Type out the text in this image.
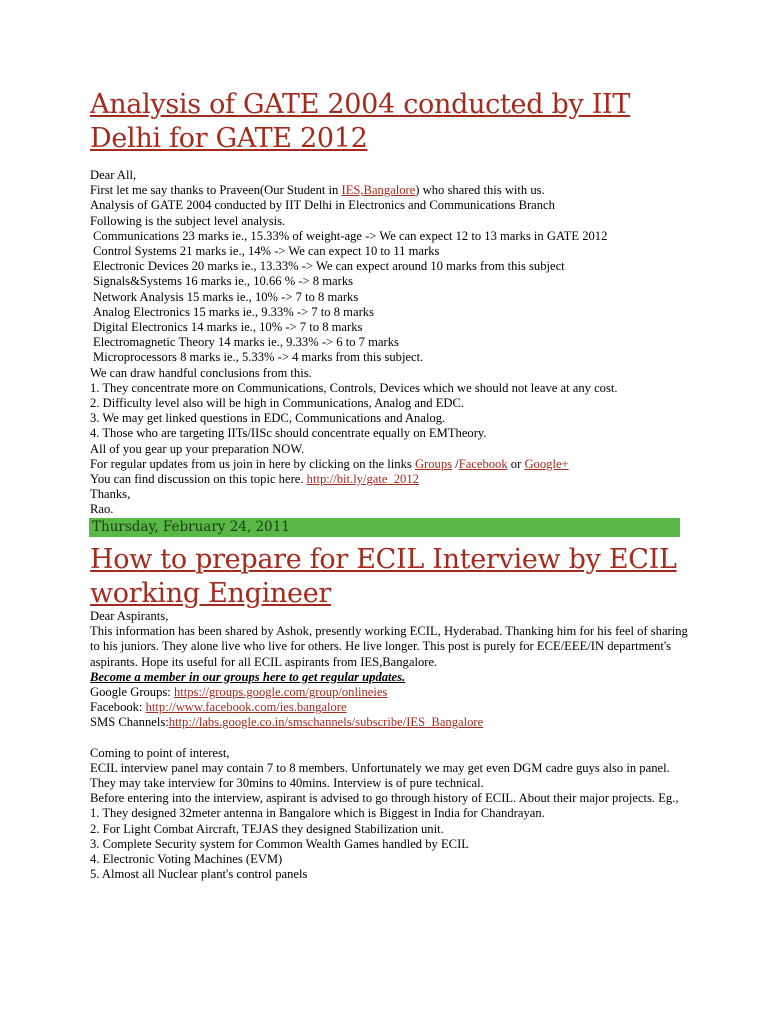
Analysis of GATE 2004 conducted by IIT Delhi for GATE 2012
Dear All,
First let me say thanks to Praveen(Our Student in IES,Bangalore) who shared this with us.
Analysis of GATE 2004 conducted by IIT Delhi in Electronics and Communications Branch
Following is the subject level analysis.
Communications 23 marks ie., 15.33% of weight-age -> We can expect 12 to 13 marks in GATE 2012
Control Systems 21 marks ie., 14% -> We can expect 10 to 11 marks
Electronic Devices 20 marks ie., 13.33% -> We can expect around 10 marks from this subject
Signals&Systems 16 marks ie., 10.66 % -> 8 marks
Network Analysis 15 marks ie., 10% -> 7 to 8 marks
Analog Electronics 15 marks ie., 9.33% -> 7 to 8 marks
Digital Electronics 14 marks ie., 10% -> 7 to 8 marks
Electromagnetic Theory 14 marks ie., 9.33% -> 6 to 7 marks
Microprocessors 8 marks ie., 5.33% -> 4 marks from this subject.
We can draw handful conclusions from this.
1. They concentrate more on Communications, Controls, Devices which we should not leave at any cost.
2. Difficulty level also will be high in Communications, Analog and EDC.
3. We may get linked questions in EDC, Communications and Analog.
4. Those who are targeting IITs/IISc should concentrate equally on EMTheory.
All of you gear up your preparation NOW.
For regular updates from us join in here by clicking on the links Groups /Facebook or Google+
You can find discussion on this topic here. http://bit.ly/gate_2012
Thanks,
Rao.
How to prepare for ECIL Interview by ECIL working Engineer
Dear Aspirants,
This information has been shared by Ashok, presently working ECIL, Hyderabad. Thanking him for his feel of sharing to his juniors. They alone live who live for others. He live longer. This post is purely for ECE/EEE/IN department's aspirants. Hope its useful for all ECIL aspirants from IES,Bangalore.
Become a member in our groups here to get regular updates.
Google Groups: https://groups.google.com/group/onlineies
Facebook: http://www.facebook.com/ies.bangalore
SMS Channels:http://labs.google.co.in/smschannels/subscribe/IES_Bangalore
Coming to point of interest,
ECIL interview panel may contain 7 to 8 members. Unfortunately we may get even DGM cadre guys also in panel. They may take interview for 30mins to 40mins. Interview is of pure technical.
Before entering into the interview, aspirant is advised to go through history of ECIL. About their major projects. Eg.,
1. They designed 32meter antenna in Bangalore which is Biggest in India for Chandrayan.
2. For Light Combat Aircraft, TEJAS they designed Stabilization unit.
3. Complete Security system for Common Wealth Games handled by ECIL
4. Electronic Voting Machines (EVM)
5. Almost all Nuclear plant's control panels
Thursday, February 24, 2011
